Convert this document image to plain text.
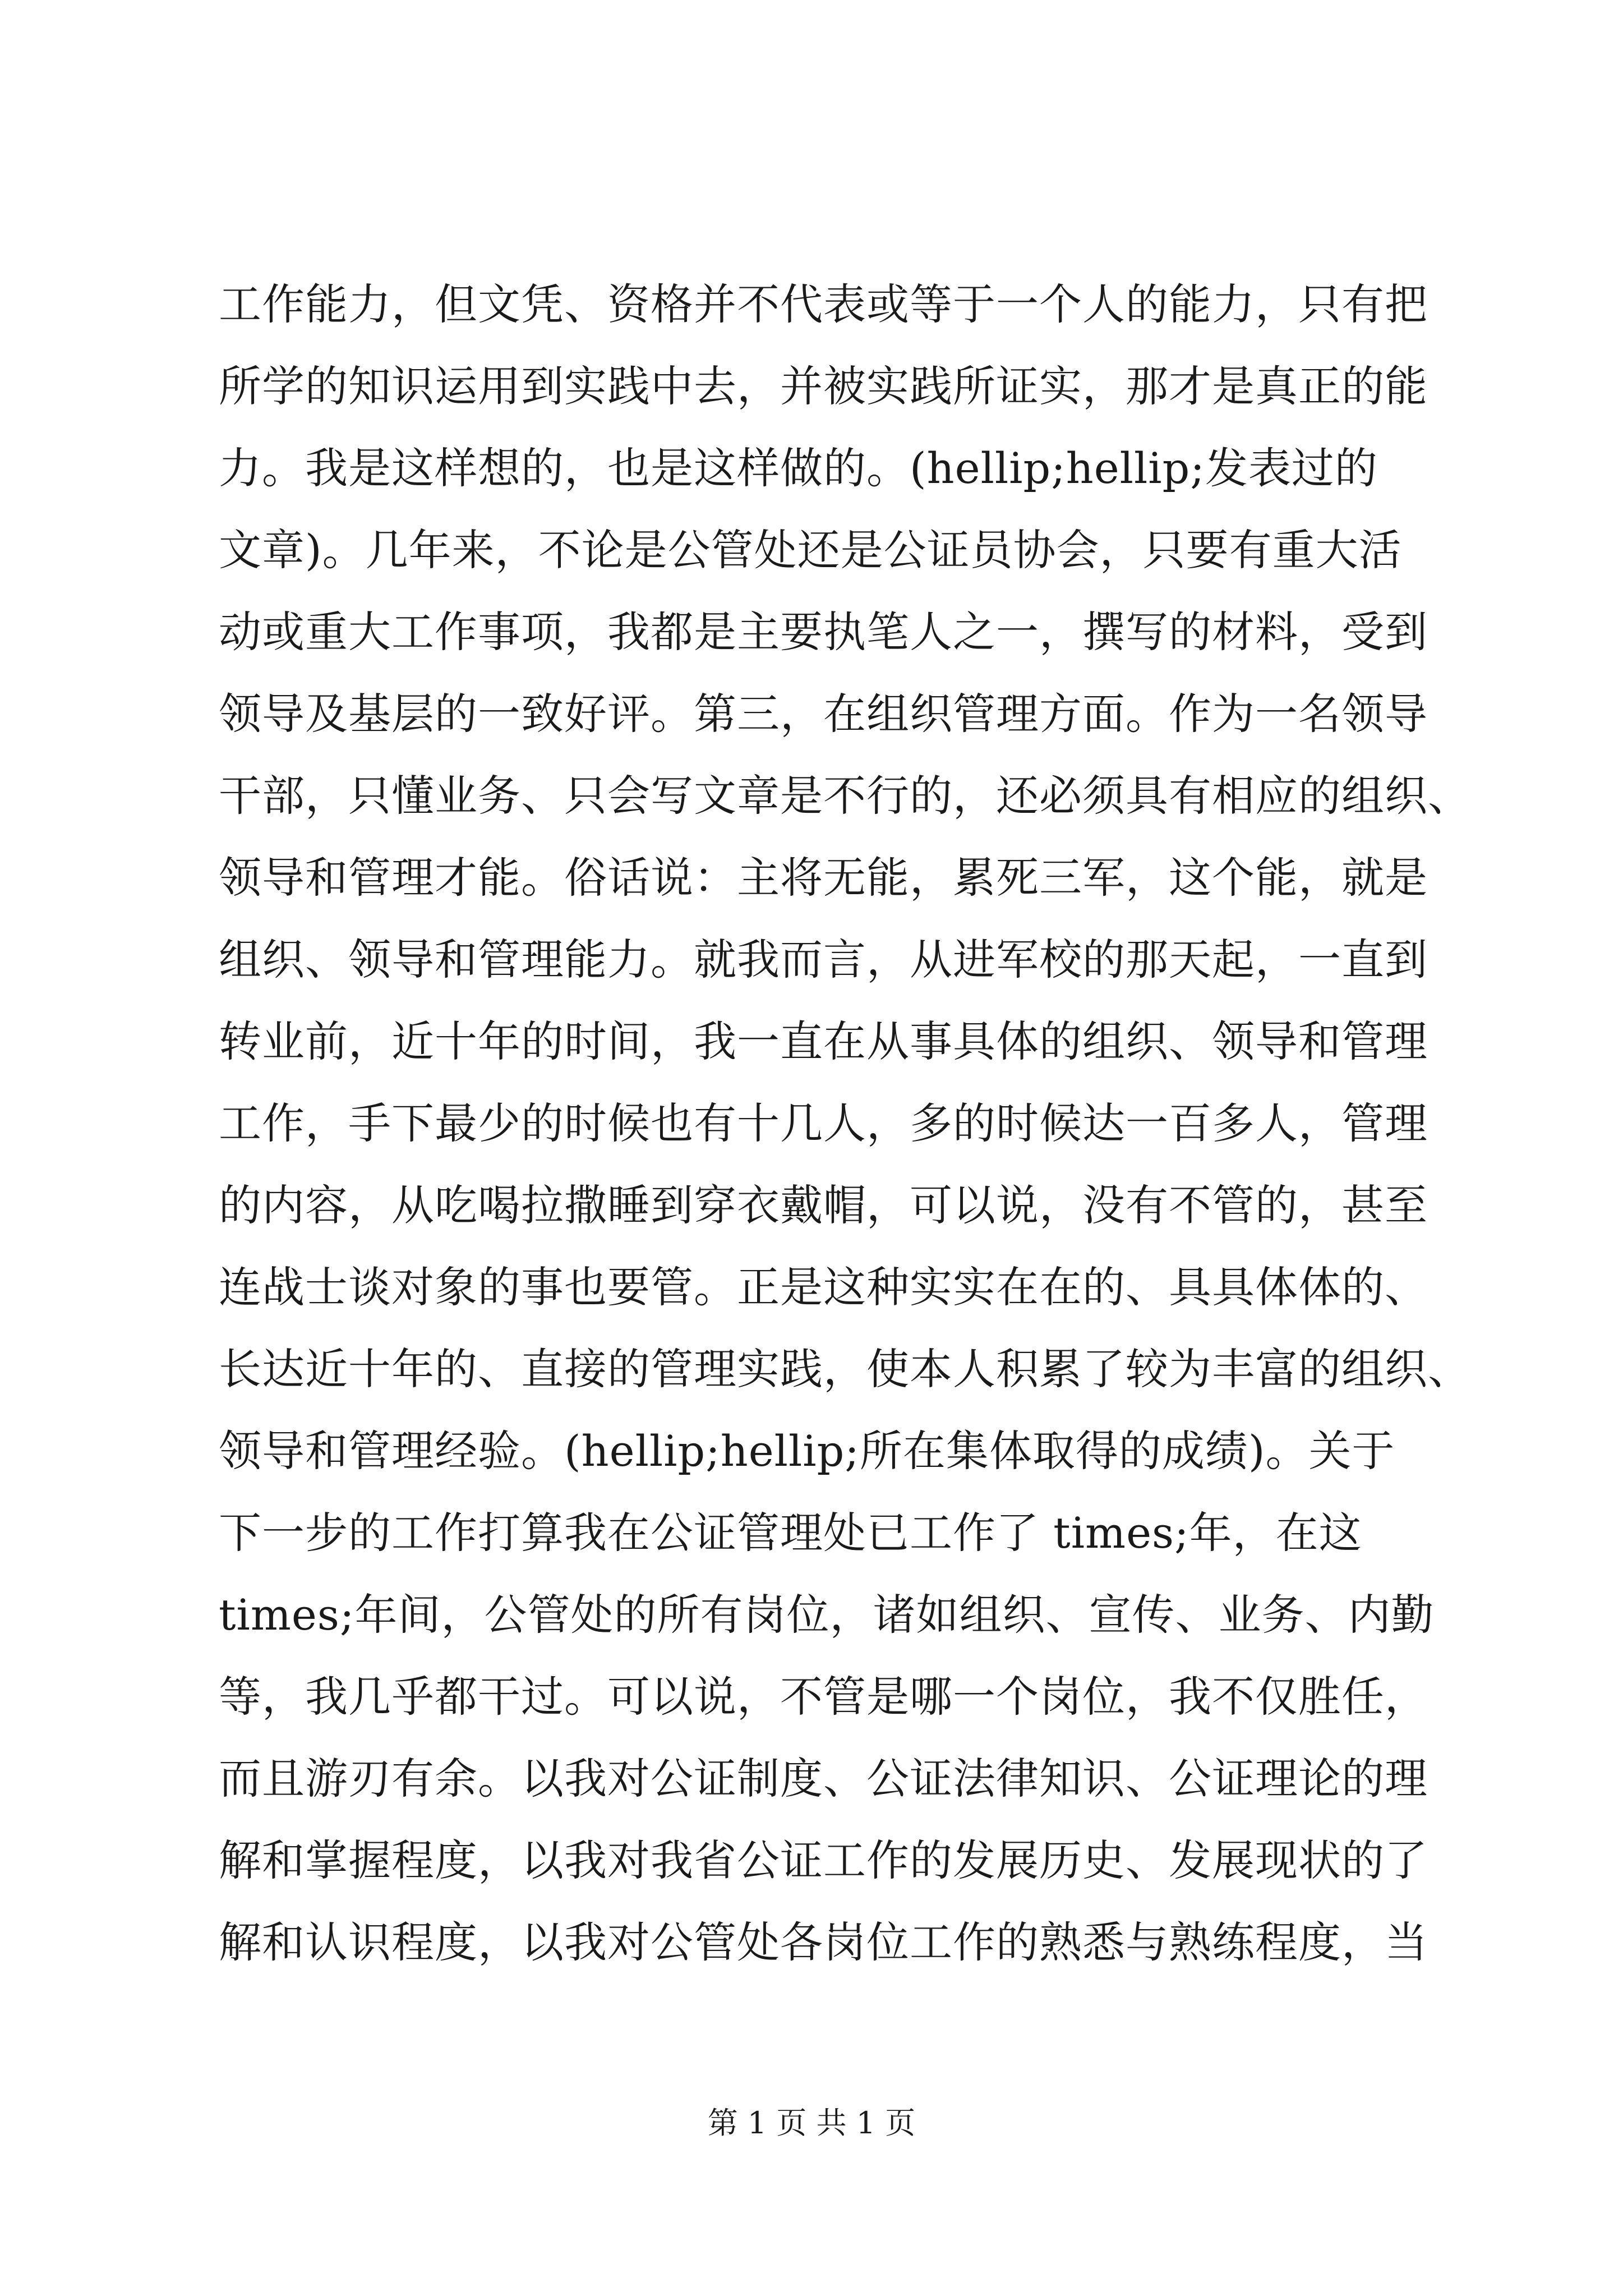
工作能力，但文凭、资格并不代表或等于一个人的能力，只有把
所学的知识运用到实践中去，并被实践所证实，那才是真正的能
力。我是这样想的，也是这样做的。(hellip;hellip;发表过的
文章)。几年来，不论是公管处还是公证员协会，只要有重大活
动或重大工作事项，我都是主要执笔人之一，撰写的材料，受到
领导及基层的一致好评。第三，在组织管理方面。作为一名领导
干部，只懂业务、只会写文章是不行的，还必须具有相应的组织、
领导和管理才能。俗话说：主将无能，累死三军，这个能，就是
组织、领导和管理能力。就我而言，从进军校的那天起，一直到
转业前，近十年的时间，我一直在从事具体的组织、领导和管理
工作，手下最少的时候也有十几人，多的时候达一百多人，管理
的内容，从吃喝拉撒睡到穿衣戴帽，可以说，没有不管的，甚至
连战士谈对象的事也要管。正是这种实实在在的、具具体体的、
长达近十年的、直接的管理实践，使本人积累了较为丰富的组织、
领导和管理经验。(hellip;hellip;所在集体取得的成绩)。关于
下一步的工作打算我在公证管理处已工作了 times;年，在这
times;年间，公管处的所有岗位，诸如组织、宣传、业务、内勤
等，我几乎都干过。可以说，不管是哪一个岗位，我不仅胜任，
而且游刃有余。以我对公证制度、公证法律知识、公证理论的理
解和掌握程度，以我对我省公证工作的发展历史、发展现状的了
解和认识程度，以我对公管处各岗位工作的熟悉与熟练程度，当
第 1 页 共 1 页
